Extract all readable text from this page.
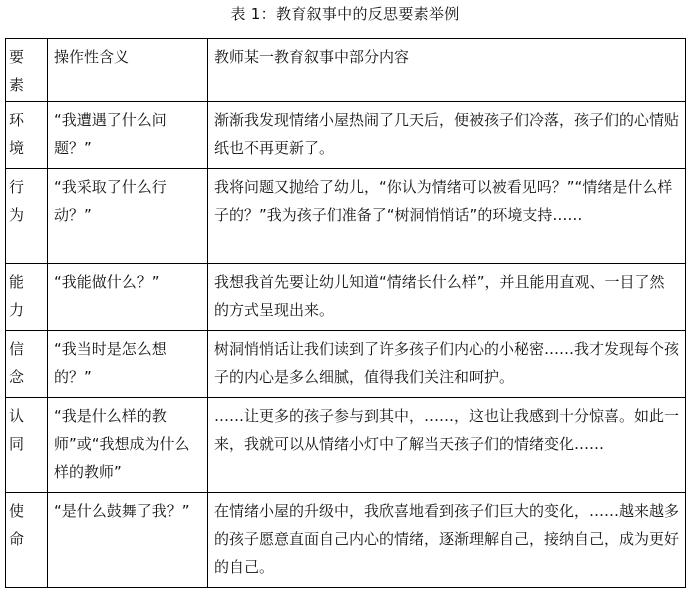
表 1：教育叙事中的反思要素举例
要素	操作性含义	教师某一教育叙事中部分内容

环境	“我遭遇了什么问题？”	渐渐我发现情绪小屋热闹了几天后，便被孩子们冷落，孩子们的心情贴纸也不再更新了。

行为	“我采取了什么行动？”	我将问题又抛给了幼儿，“你认为情绪可以被看见吗？”“情绪是什么样子的？”我为孩子们准备了“树洞悄悄话”的环境支持……

能力	“我能做什么？”	我想我首先要让幼儿知道“情绪长什么样”，并且能用直观、一目了然的方式呈现出来。

信念	“我当时是怎么想的？”	树洞悄悄话让我们读到了许多孩子们内心的小秘密……我才发现每个孩子的内心是多么细腻，值得我们关注和呵护。

认同	“我是什么样的教师”或“我想成为什么样的教师”	……让更多的孩子参与到其中，……，这也让我感到十分惊喜。如此一来，我就可以从情绪小灯中了解当天孩子们的情绪变化……

使命	“是什么鼓舞了我？”	在情绪小屋的升级中，我欣喜地看到孩子们巨大的变化，……越来越多的孩子愿意直面自己内心的情绪，逐渐理解自己，接纳自己，成为更好的自己。
